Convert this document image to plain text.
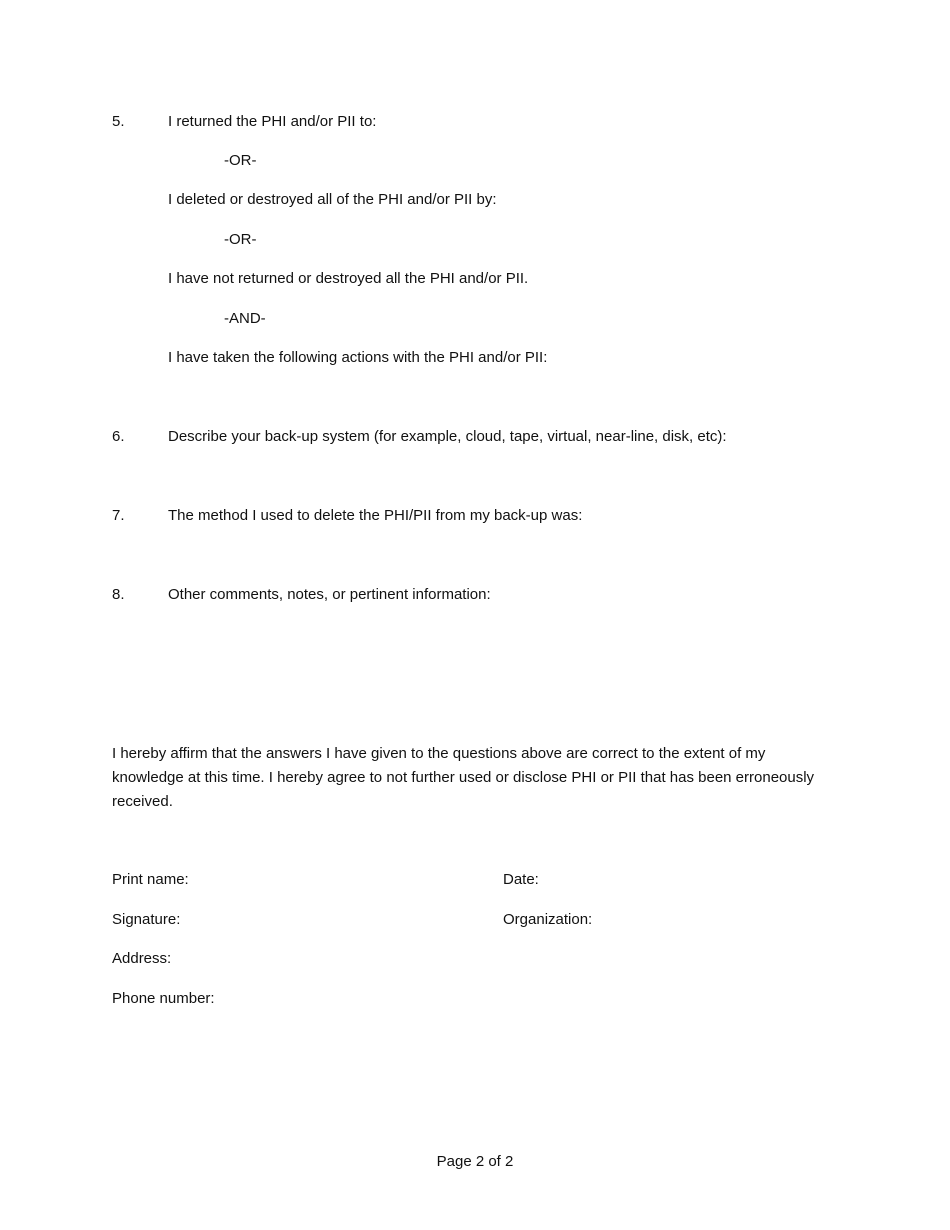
5.	I returned the PHI and/or PII to:
-OR-
I deleted or destroyed all of the PHI and/or PII by:
-OR-
I have not returned or destroyed all the PHI and/or PII.
-AND-
I have taken the following actions with the PHI and/or PII:
6.	Describe your back-up system (for example, cloud, tape, virtual, near-line, disk, etc):
7.	The method I used to delete the PHI/PII from my back-up was:
8.	Other comments, notes, or pertinent information:
I hereby affirm that the answers I have given to the questions above are correct to the extent of my knowledge at this time. I hereby agree to not further used or disclose PHI or PII that has been erroneously received.
Print name:	Date:
Signature:	Organization:
Address:
Phone number:
Page 2 of 2
